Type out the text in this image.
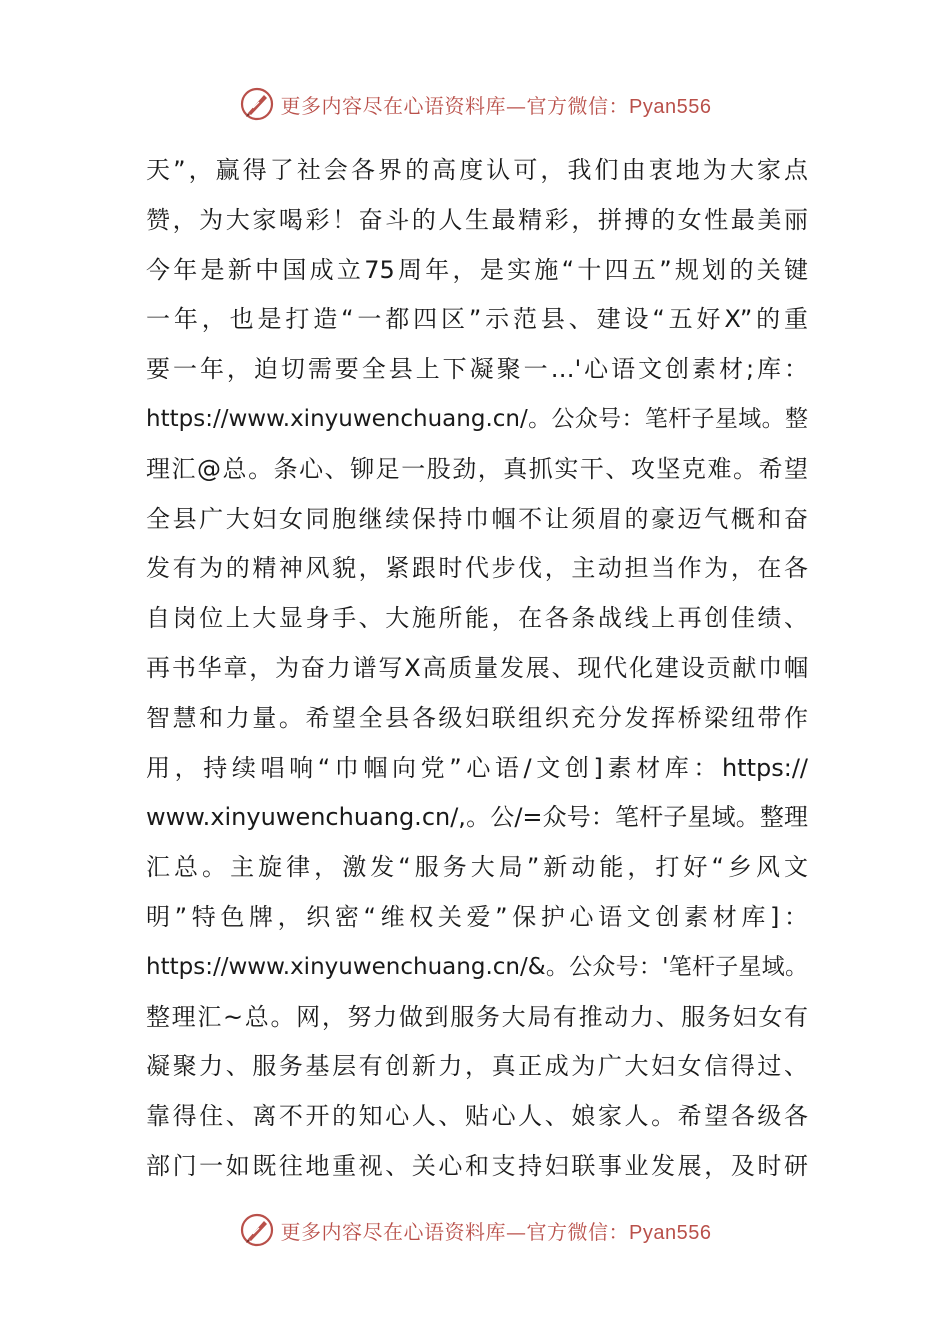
更多内容尽在心语资料库—官方微信：Pyan556
天”，赢得了社会各界的高度认可，我们由衷地为大家点
赞，为大家喝彩！奋斗的人生最精彩，拼搏的女性最美丽
今年是新中国成立75周年，是实施“十四五”规划的关键
一年，也是打造“一都四区”示范县、建设“五好X”的重
要一年，迫切需要全县上下凝聚一…'心语文创素材;库：
https://www.xinyuwenchuang.cn/。公众号：笔杆子星域。整
理汇@总。条心、铆足一股劲，真抓实干、攻坚克难。希望
全县广大妇女同胞继续保持巾帼不让须眉的豪迈气概和奋
发有为的精神风貌，紧跟时代步伐，主动担当作为，在各
自岗位上大显身手、大施所能，在各条战线上再创佳绩、
再书华章，为奋力谱写X高质量发展、现代化建设贡献巾帼
智慧和力量。希望全县各级妇联组织充分发挥桥梁纽带作
用，持续唱响“巾帼向党”心语/文创]素材库：https://
www.xinyuwenchuang.cn/,。公/=众号：笔杆子星域。整理
汇总。主旋律，激发“服务大局”新动能，打好“乡风文
明”特色牌，织密“维权关爱”保护心语文创素材库]：
https://www.xinyuwenchuang.cn/&。公众号：'笔杆子星域。
整理汇~总。网，努力做到服务大局有推动力、服务妇女有
凝聚力、服务基层有创新力，真正成为广大妇女信得过、
靠得住、离不开的知心人、贴心人、娘家人。希望各级各
部门一如既往地重视、关心和支持妇联事业发展，及时研
更多内容尽在心语资料库—官方微信：Pyan556
